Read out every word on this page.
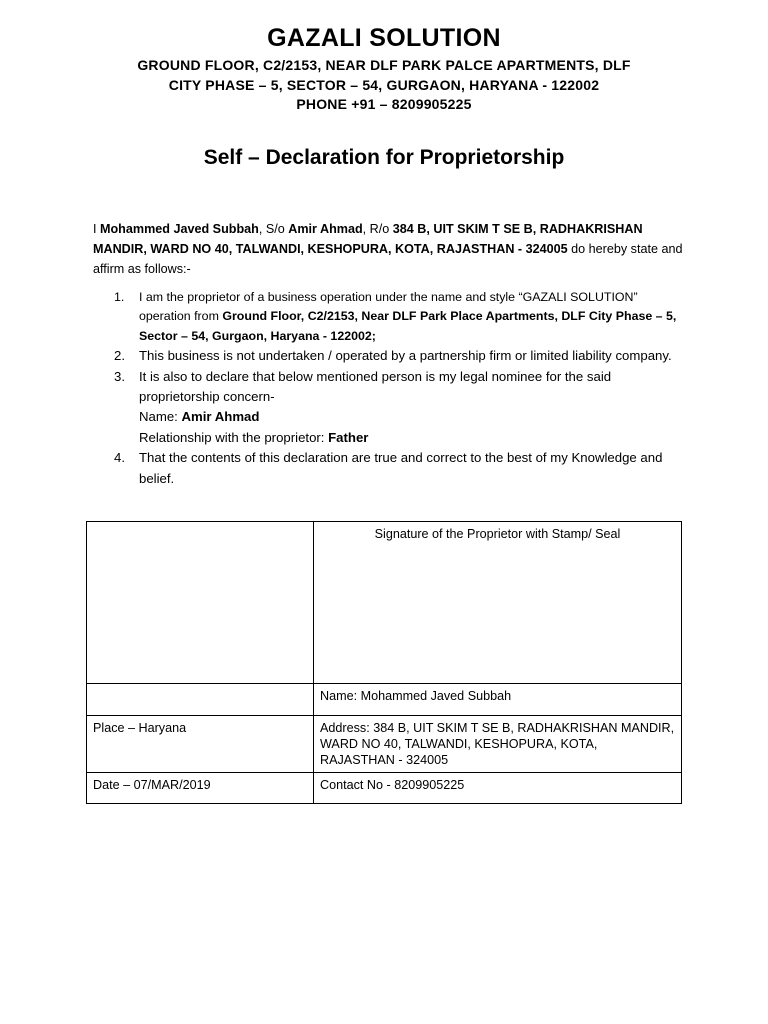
GAZALI SOLUTION
GROUND FLOOR, C2/2153, NEAR DLF PARK PALCE APARTMENTS, DLF
CITY PHASE – 5, SECTOR – 54, GURGAON, HARYANA - 122002
PHONE +91 – 8209905225
Self – Declaration for Proprietorship
I Mohammed Javed Subbah, S/o Amir Ahmad, R/o 384 B, UIT SKIM T SE B, RADHAKRISHAN MANDIR, WARD NO 40, TALWANDI, KESHOPURA, KOTA, RAJASTHAN - 324005 do hereby state and affirm as follows:-
1. I am the proprietor of a business operation under the name and style “GAZALI SOLUTION” operation from Ground Floor, C2/2153, Near DLF Park Place Apartments, DLF City Phase – 5, Sector – 54, Gurgaon, Haryana - 122002;
2. This business is not undertaken / operated by a partnership firm or limited liability company.
3. It is also to declare that below mentioned person is my legal nominee for the said proprietorship concern-
Name: Amir Ahmad
Relationship with the proprietor: Father
4. That the contents of this declaration are true and correct to the best of my Knowledge and belief.
	Signature of the Proprietor with Stamp/ Seal
	Name: Mohammed Javed Subbah
Place – Haryana	Address: 384 B, UIT SKIM T SE B, RADHAKRISHAN MANDIR, WARD NO 40, TALWANDI, KESHOPURA, KOTA, RAJASTHAN - 324005
Date – 07/MAR/2019	Contact No - 8209905225
